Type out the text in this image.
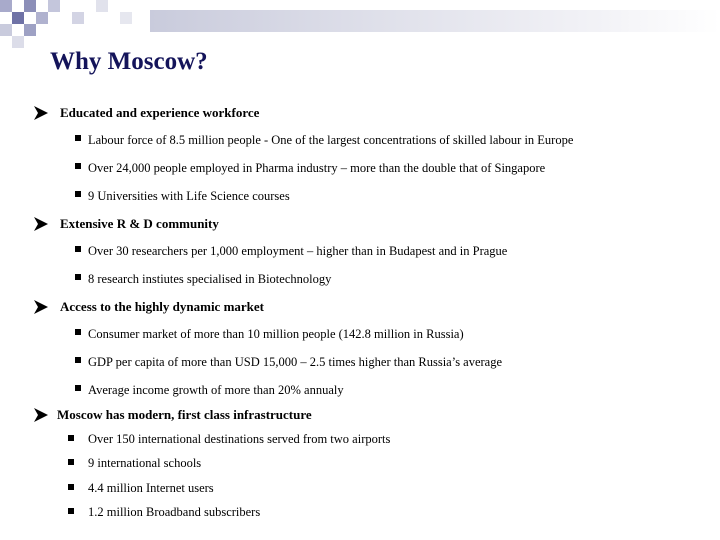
Why Moscow?
Educated and experience workforce
Labour force of 8.5 million people - One of the largest concentrations of skilled labour in Europe
Over 24,000 people employed in Pharma industry – more than the double that of Singapore
9 Universities with Life Science courses
Extensive R & D community
Over 30 researchers per 1,000 employment – higher than in Budapest and in Prague
8 research instiutes specialised in Biotechnology
Access to the highly dynamic market
Consumer market of more than 10 million people (142.8 million in Russia)
GDP per capita of more than USD 15,000 – 2.5 times higher than Russia’s average
Average income growth of more than 20% annualy
Moscow has modern, first class infrastructure
Over 150 international destinations served from two airports
9 international schools
4.4 million Internet users
1.2 million Broadband subscribers
